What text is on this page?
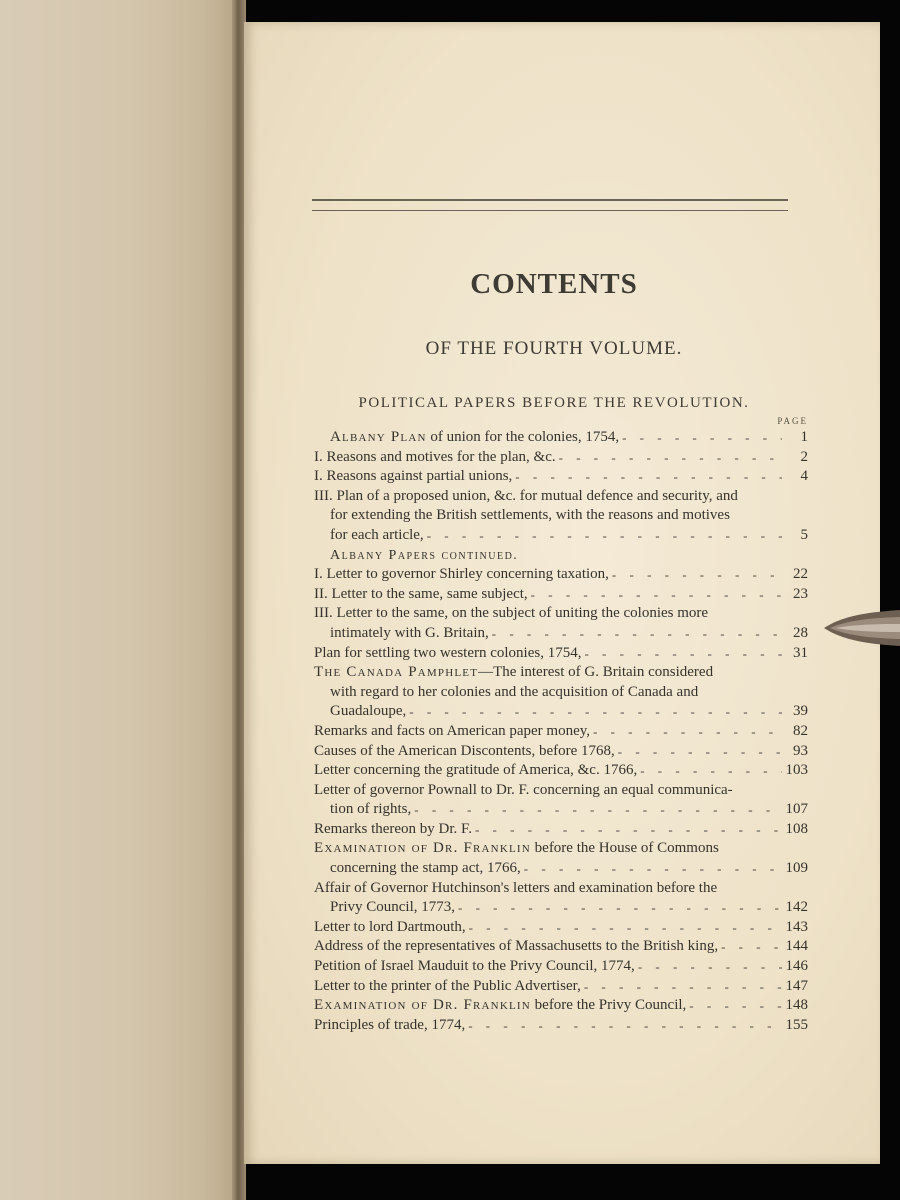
CONTENTS
OF THE FOURTH VOLUME.
POLITICAL PAPERS BEFORE THE REVOLUTION.
PAGE
Albany Plan of union for the colonies, 1754, - - -	1
I. Reasons and motives for the plan, &c. - - -	2
I. Reasons against partial unions, - - -	4
III. Plan of a proposed union, &c. for mutual defence and security, and
for extending the British settlements, with the reasons and motives
for each article, - - -	5
Albany Papers continued.
I. Letter to governor Shirley concerning taxation, - - -	22
II. Letter to the same, same subject, - - -	23
III. Letter to the same, on the subject of uniting the colonies more
intimately with G. Britain, - - -	28
Plan for settling two western colonies, 1754, - - -	31
The Canada Pamphlet—The interest of G. Britain considered
with regard to her colonies and the acquisition of Canada and
Guadaloupe, - - -	39
Remarks and facts on American paper money, - - -	82
Causes of the American Discontents, before 1768, - - -	93
Letter concerning the gratitude of America, &c. 1766, - - -	103
Letter of governor Pownall to Dr. F. concerning an equal communica-
tion of rights, - - -	107
Remarks thereon by Dr. F. - - -	108
Examination of Dr. Franklin before the House of Commons
concerning the stamp act, 1766, - - -	109
Affair of Governor Hutchinson's letters and examination before the
Privy Council, 1773, - - -	142
Letter to lord Dartmouth, - - -	143
Address of the representatives of Massachusetts to the British king, - - -	144
Petition of Israel Mauduit to the Privy Council, 1774, - - -	146
Letter to the printer of the Public Advertiser, - - -	147
Examination of Dr. Franklin before the Privy Council, - - -	148
Principles of trade, 1774, - - -	155
